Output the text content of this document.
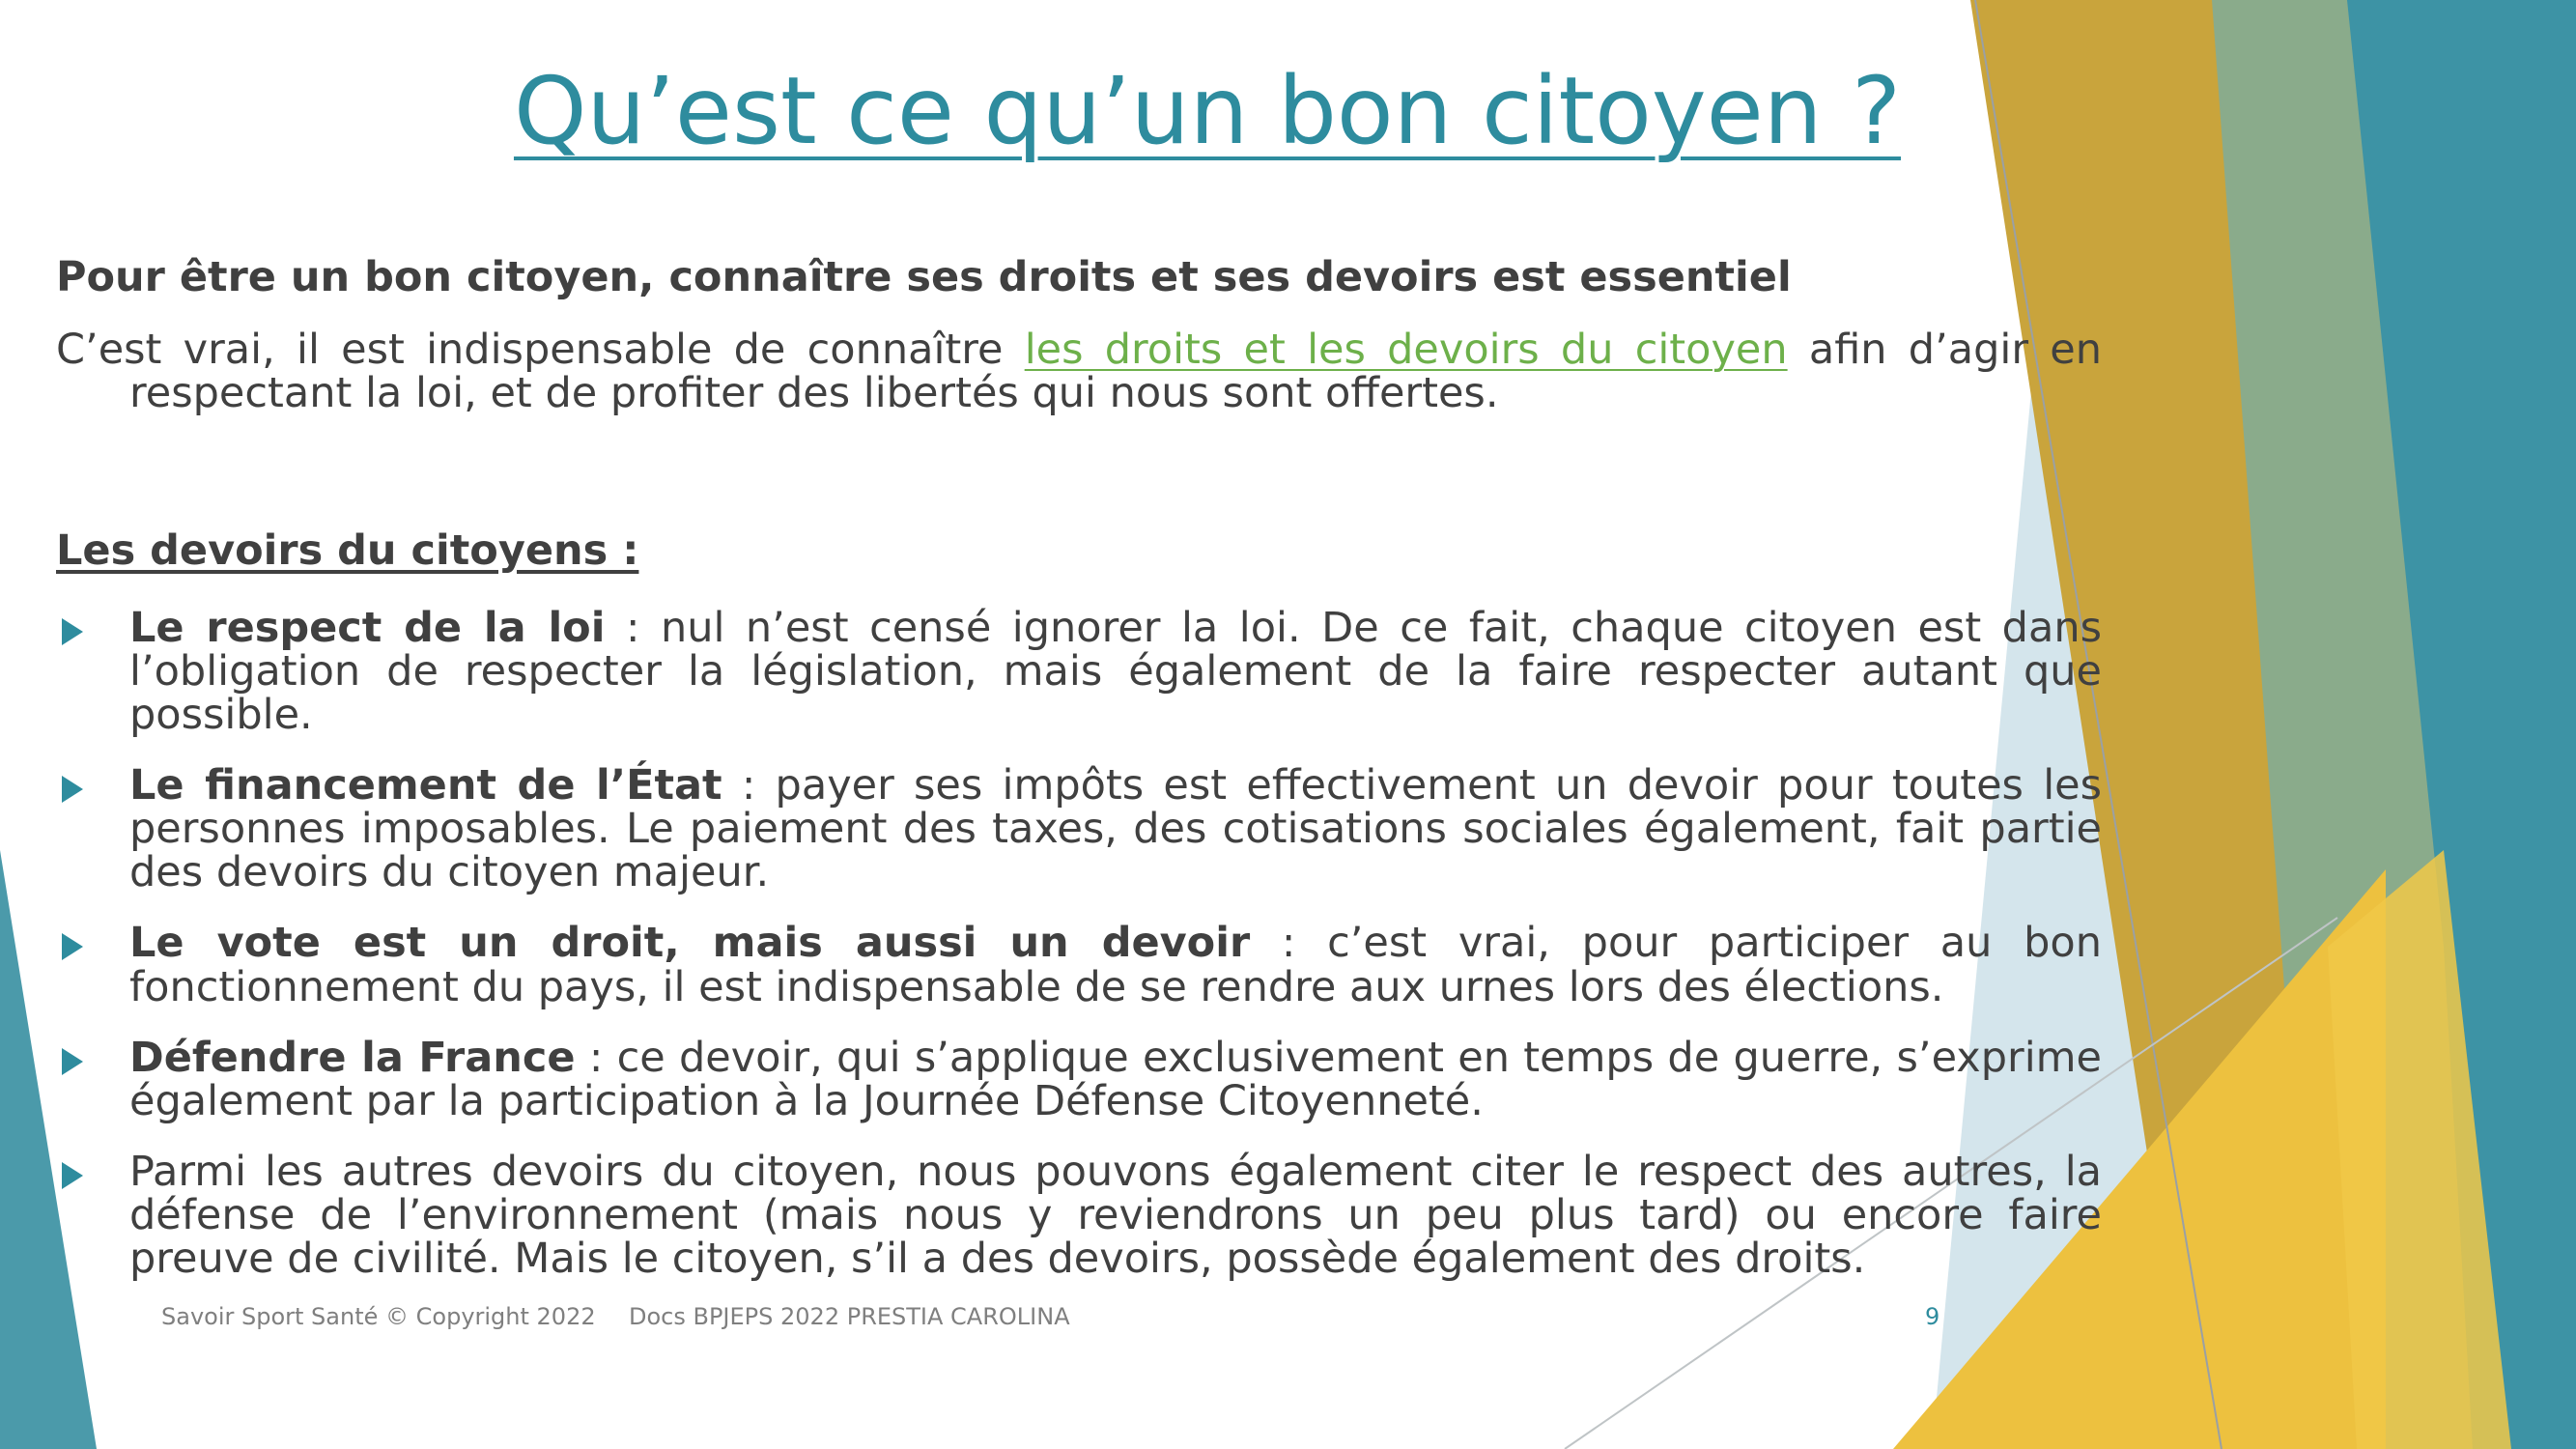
Qu’est ce qu’un bon citoyen ?

Pour être un bon citoyen, connaître ses droits et ses devoirs est essentiel

C’est vrai, il est indispensable de connaître les droits et les devoirs du citoyen afin d’agir en respectant la loi, et de profiter des libertés qui nous sont offertes.

Les devoirs du citoyens :

Le respect de la loi : nul n’est censé ignorer la loi. De ce fait, chaque citoyen est dans l’obligation de respecter la législation, mais également de la faire respecter autant que possible.
Le financement de l’État : payer ses impôts est effectivement un devoir pour toutes les personnes imposables. Le paiement des taxes, des cotisations sociales également, fait partie des devoirs du citoyen majeur.
Le vote est un droit, mais aussi un devoir : c’est vrai, pour participer au bon fonctionnement du pays, il est indispensable de se rendre aux urnes lors des élections.
Défendre la France : ce devoir, qui s’applique exclusivement en temps de guerre, s’exprime également par la participation à la Journée Défense Citoyenneté.
Parmi les autres devoirs du citoyen, nous pouvons également citer le respect des autres, la défense de l’environnement (mais nous y reviendrons un peu plus tard) ou encore faire preuve de civilité. Mais le citoyen, s’il a des devoirs, possède également des droits.
Savoir Sport Santé © Copyright 2022 Docs BPJEPS 2022 PRESTIA CAROLINA	9
